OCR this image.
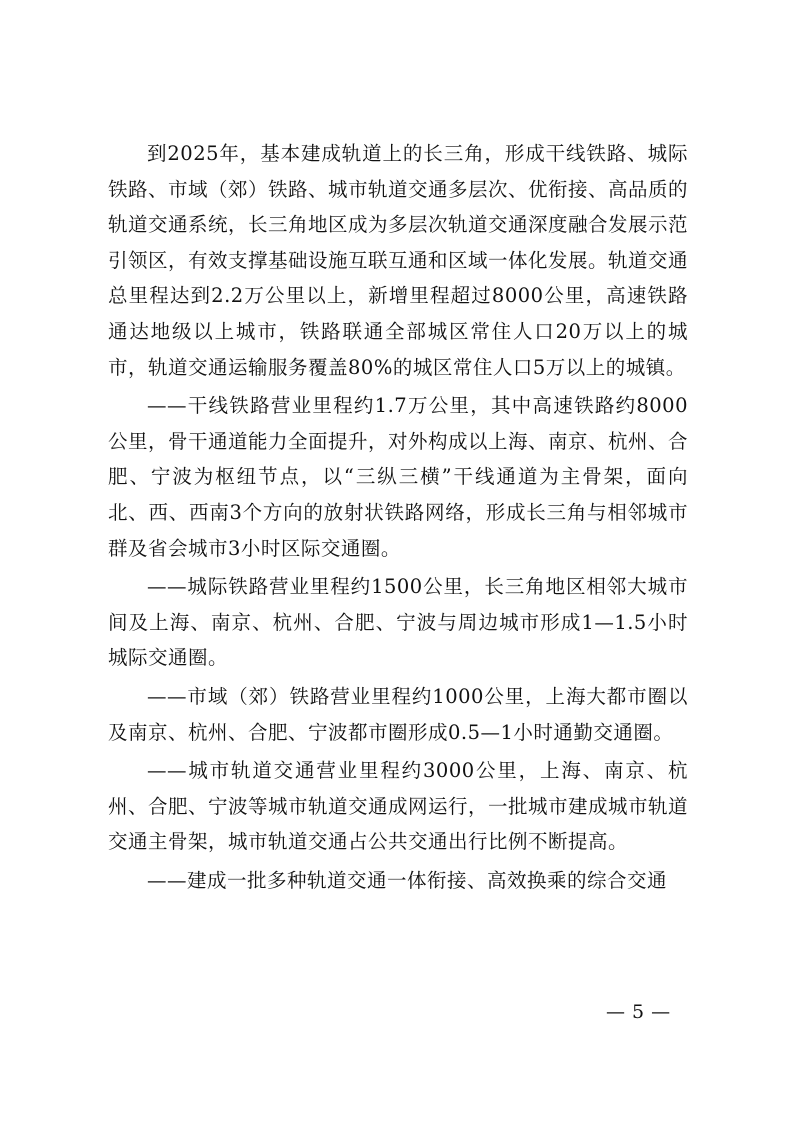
到2025年，基本建成轨道上的长三角，形成干线铁路、城际铁路、市域（郊）铁路、城市轨道交通多层次、优衔接、高品质的轨道交通系统，长三角地区成为多层次轨道交通深度融合发展示范引领区，有效支撑基础设施互联互通和区域一体化发展。轨道交通总里程达到2.2万公里以上，新增里程超过8000公里，高速铁路通达地级以上城市，铁路联通全部城区常住人口20万以上的城市，轨道交通运输服务覆盖80%的城区常住人口5万以上的城镇。

——干线铁路营业里程约1.7万公里，其中高速铁路约8000公里，骨干通道能力全面提升，对外构成以上海、南京、杭州、合肥、宁波为枢纽节点，以“三纵三横”干线通道为主骨架，面向北、西、西南3个方向的放射状铁路网络，形成长三角与相邻城市群及省会城市3小时区际交通圈。

——城际铁路营业里程约1500公里，长三角地区相邻大城市间及上海、南京、杭州、合肥、宁波与周边城市形成1—1.5小时城际交通圈。

——市域（郊）铁路营业里程约1000公里，上海大都市圈以及南京、杭州、合肥、宁波都市圈形成0.5—1小时通勤交通圈。

——城市轨道交通营业里程约3000公里，上海、南京、杭州、合肥、宁波等城市轨道交通成网运行，一批城市建成城市轨道交通主骨架，城市轨道交通占公共交通出行比例不断提高。

——建成一批多种轨道交通一体衔接、高效换乘的综合交通

— 5 —
